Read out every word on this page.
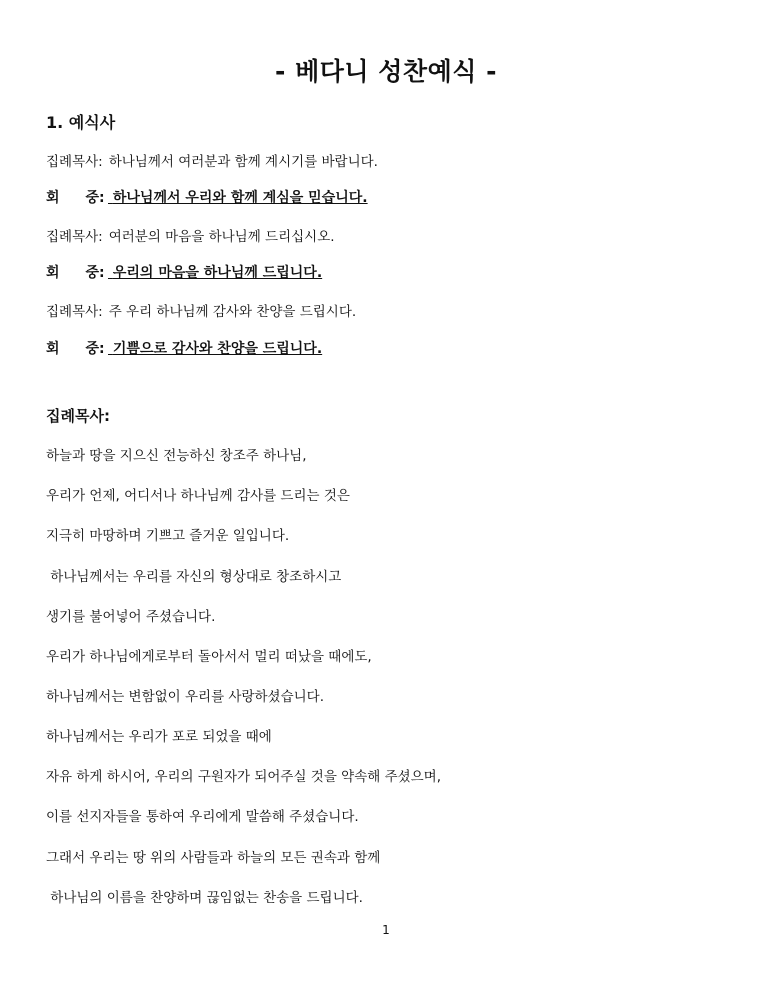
- 베다니 성찬예식 -
1. 예식사
집례목사: 하나님께서 여러분과 함께 계시기를 바랍니다.
회 중: 하나님께서 우리와 함께 계심을 믿습니다.
집례목사: 여러분의 마음을 하나님께 드리십시오.
회 중: 우리의 마음을 하나님께 드립니다.
집례목사: 주 우리 하나님께 감사와 찬양을 드립시다.
회 중: 기쁨으로 감사와 찬양을 드립니다.
집례목사:
하늘과 땅을 지으신 전능하신 창조주 하나님,
우리가 언제, 어디서나 하나님께 감사를 드리는 것은
지극히 마땅하며 기쁘고 즐거운 일입니다.
하나님께서는 우리를 자신의 형상대로 창조하시고
생기를 불어넣어 주셨습니다.
우리가 하나님에게로부터 돌아서서 멀리 떠났을 때에도,
하나님께서는 변함없이 우리를 사랑하셨습니다.
하나님께서는 우리가 포로 되었을 때에
자유 하게 하시어, 우리의 구원자가 되어주실 것을 약속해 주셨으며,
이를 선지자들을 통하여 우리에게 말씀해 주셨습니다.
그래서 우리는 땅 위의 사람들과 하늘의 모든 권속과 함께
하나님의 이름을 찬양하며 끊임없는 찬송을 드립니다.
1
